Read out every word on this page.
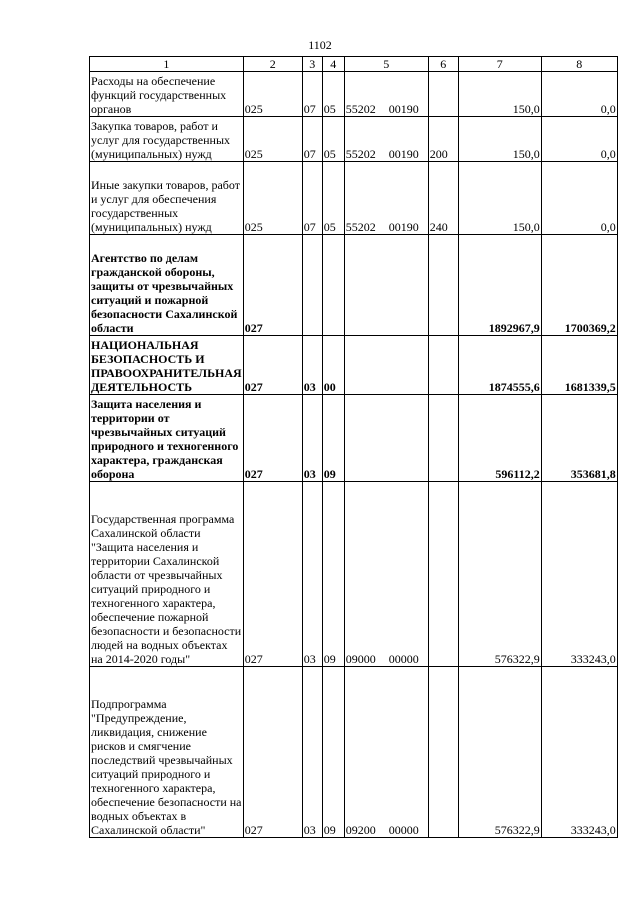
1102
1	2	3	4	5	6	7	8
Расходы на обеспечение функций государственных органов	025	07	05	55202 00190		150,0	0,0
Закупка товаров, работ и услуг для государственных (муниципальных) нужд	025	07	05	55202 00190	200	150,0	0,0
Иные закупки товаров, работ и услуг для обеспечения государственных (муниципальных) нужд	025	07	05	55202 00190	240	150,0	0,0
Агентство по делам гражданской обороны, защиты от чрезвычайных ситуаций и пожарной безопасности Сахалинской области	027					1892967,9	1700369,2
НАЦИОНАЛЬНАЯ БЕЗОПАСНОСТЬ И ПРАВООХРАНИТЕЛЬНАЯ ДЕЯТЕЛЬНОСТЬ	027	03	00			1874555,6	1681339,5
Защита населения и территории от чрезвычайных ситуаций природного и техногенного характера, гражданская оборона	027	03	09			596112,2	353681,8
Государственная программа Сахалинской области "Защита населения и территории Сахалинской области от чрезвычайных ситуаций природного и техногенного характера, обеспечение пожарной безопасности и безопасности людей на водных объектах на 2014-2020 годы"	027	03	09	09000 00000		576322,9	333243,0
Подпрограмма "Предупреждение, ликвидация, снижение рисков и смягчение последствий чрезвычайных ситуаций природного и техногенного характера, обеспечение безопасности на водных объектах в Сахалинской области"	027	03	09	09200 00000		576322,9	333243,0
